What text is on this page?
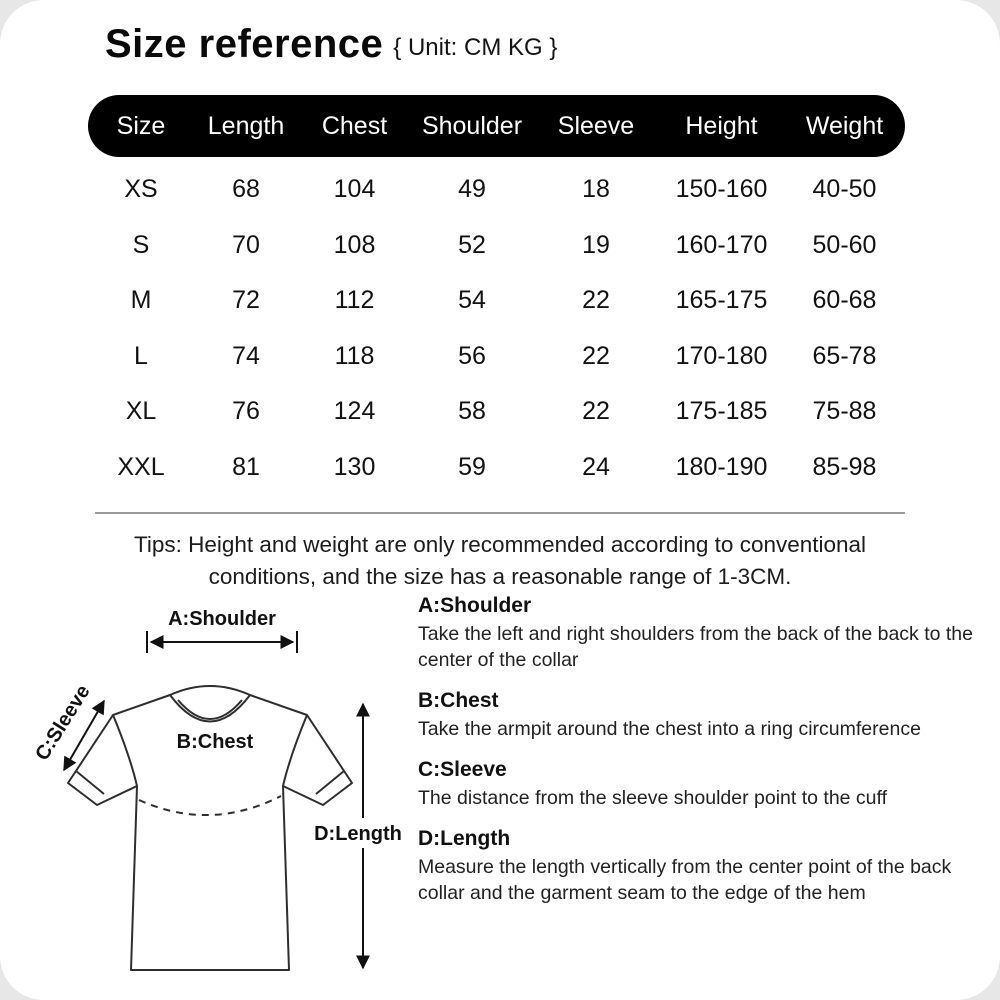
Size reference { Unit: CM KG }
Size	Length	Chest	Shoulder	Sleeve	Height	Weight
XS	68	104	49	18	150-160	40-50
S	70	108	52	19	160-170	50-60
M	72	112	54	22	165-175	60-68
L	74	118	56	22	170-180	65-78
XL	76	124	58	22	175-185	75-88
XXL	81	130	59	24	180-190	85-98
Tips: Height and weight are only recommended according to conventional conditions, and the size has a reasonable range of 1-3CM.
A:Shoulder
C:Sleeve	B:Chest
D:Length
A:Shoulder
Take the left and right shoulders from the back of the back to the center of the collar
B:Chest
Take the armpit around the chest into a ring circumference
C:Sleeve
The distance from the sleeve shoulder point to the cuff
D:Length
Measure the length vertically from the center point of the back collar and the garment seam to the edge of the hem
